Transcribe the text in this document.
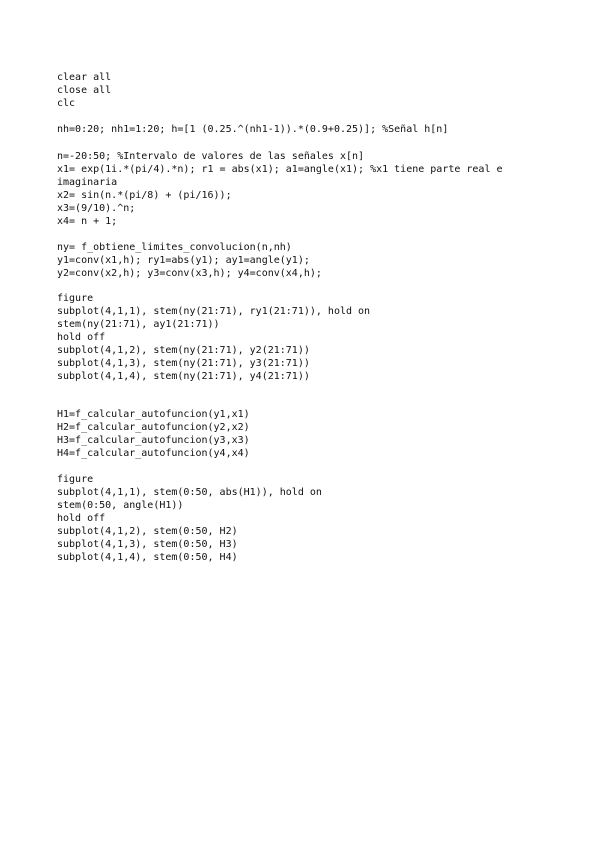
clear all
close all
clc
nh=0:20; nh1=1:20; h=[1 (0.25.^(nh1-1)).*(0.9+0.25)]; %Señal h[n]
n=-20:50; %Intervalo de valores de las señales x[n]
x1= exp(1i.*(pi/4).*n); r1 = abs(x1); a1=angle(x1); %x1 tiene parte real e
imaginaria
x2= sin(n.*(pi/8) + (pi/16));
x3=(9/10).^n;
x4= n + 1;
ny= f_obtiene_limites_convolucion(n,nh)
y1=conv(x1,h); ry1=abs(y1); ay1=angle(y1);
y2=conv(x2,h); y3=conv(x3,h); y4=conv(x4,h);
figure
subplot(4,1,1), stem(ny(21:71), ry1(21:71)), hold on
stem(ny(21:71), ay1(21:71))
hold off
subplot(4,1,2), stem(ny(21:71), y2(21:71))
subplot(4,1,3), stem(ny(21:71), y3(21:71))
subplot(4,1,4), stem(ny(21:71), y4(21:71))
H1=f_calcular_autofuncion(y1,x1)
H2=f_calcular_autofuncion(y2,x2)
H3=f_calcular_autofuncion(y3,x3)
H4=f_calcular_autofuncion(y4,x4)
figure
subplot(4,1,1), stem(0:50, abs(H1)), hold on
stem(0:50, angle(H1))
hold off
subplot(4,1,2), stem(0:50, H2)
subplot(4,1,3), stem(0:50, H3)
subplot(4,1,4), stem(0:50, H4)
